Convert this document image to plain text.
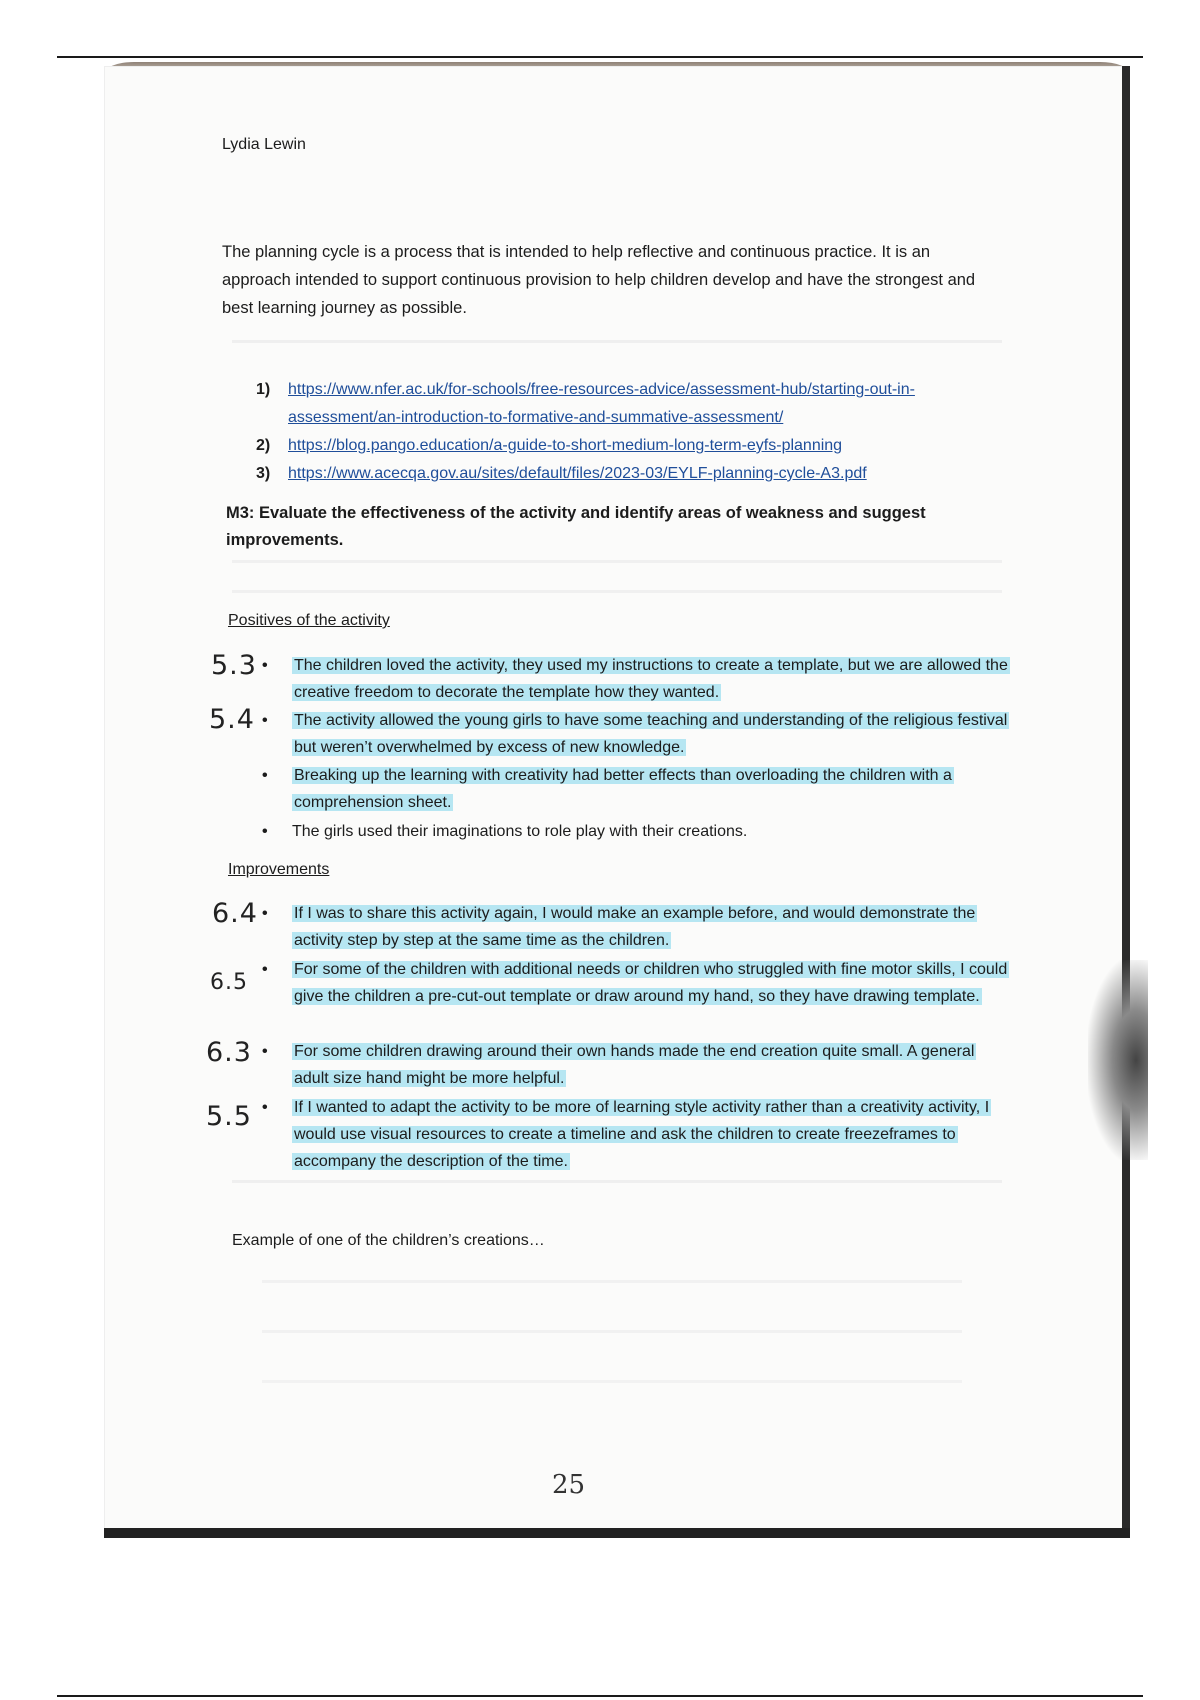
Lydia Lewin

The planning cycle is a process that is intended to help reflective and continuous practice. It is an approach intended to support continuous provision to help children develop and have the strongest and best learning journey as possible.

1) https://www.nfer.ac.uk/for-schools/free-resources-advice/assessment-hub/starting-out-in-assessment/an-introduction-to-formative-and-summative-assessment/
2) https://blog.pango.education/a-guide-to-short-medium-long-term-eyfs-planning
3) https://www.acecqa.gov.au/sites/default/files/2023-03/EYLF-planning-cycle-A3.pdf
M3: Evaluate the effectiveness of the activity and identify areas of weakness and suggest improvements.
Positives of the activity
5.3 • The children loved the activity, they used my instructions to create a template, but we are allowed the creative freedom to decorate the template how they wanted.
5.4 • The activity allowed the young girls to have some teaching and understanding of the religious festival but weren’t overwhelmed by excess of new knowledge.
• Breaking up the learning with creativity had better effects than overloading the children with a comprehension sheet.
• The girls used their imaginations to role play with their creations.
Improvements
6.4 • If I was to share this activity again, I would make an example before, and would demonstrate the activity step by step at the same time as the children.
6.5
• For some of the children with additional needs or children who struggled with fine motor skills, I could give the children a pre-cut-out template or draw around my hand, so they have drawing template.
6.3 • For some children drawing around their own hands made the end creation quite small. A general adult size hand might be more helpful.
5.5 • If I wanted to adapt the activity to be more of learning style activity rather than a creativity activity, I would use visual resources to create a timeline and ask the children to create freezeframes to accompany the description of the time.
Example of one of the children’s creations…
25
